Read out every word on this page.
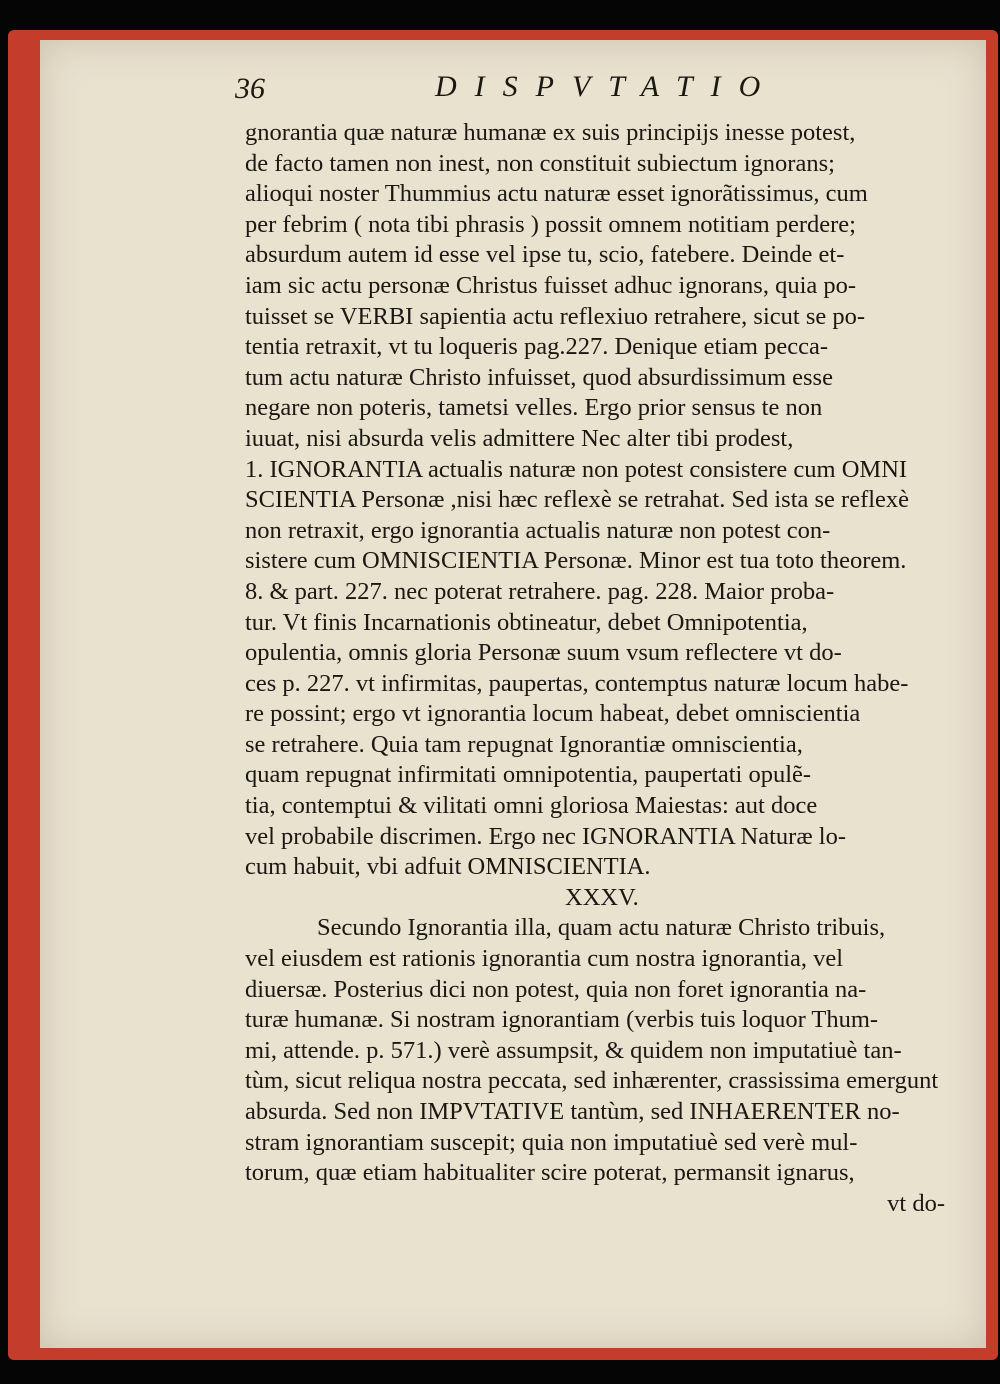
36	DISPVTATIO
gnorantia quæ naturæ humanæ ex suis principijs inesse potest,
de facto tamen non inest, non constituit subiectum ignorans;
alioqui noster Thummius actu naturæ esset ignorãtissimus, cum
per febrim ( nota tibi phrasis ) possit omnem notitiam perdere;
absurdum autem id esse vel ipse tu, scio, fatebere. Deinde et-
iam sic actu personæ Christus fuisset adhuc ignorans, quia po-
tuisset se VERBI sapientia actu reflexiuo retrahere, sicut se po-
tentia retraxit, vt tu loqueris pag.227. Denique etiam pecca-
tum actu naturæ Christo infuisset, quod absurdissimum esse
negare non poteris, tametsi velles. Ergo prior sensus te non
iuuat, nisi absurda velis admittere Nec alter tibi prodest,
1. IGNORANTIA actualis naturæ non potest consistere cum OMNI
SCIENTIA Personæ ,nisi hæc reflexè se retrahat. Sed ista se reflexè
non retraxit, ergo ignorantia actualis naturæ non potest con-
sistere cum OMNISCIENTIA Personæ. Minor est tua toto theorem.
8. & part. 227. nec poterat retrahere. pag. 228. Maior proba-
tur. Vt finis Incarnationis obtineatur, debet Omnipotentia,
opulentia, omnis gloria Personæ suum vsum reflectere vt do-
ces p. 227. vt infirmitas, paupertas, contemptus naturæ locum habe-
re possint; ergo vt ignorantia locum habeat, debet omniscientia
se retrahere. Quia tam repugnat Ignorantiæ omniscientia,
quam repugnat infirmitati omnipotentia, paupertati opulẽ-
tia, contemptui & vilitati omni gloriosa Maiestas: aut doce
vel probabile discrimen. Ergo nec IGNORANTIA Naturæ lo-
cum habuit, vbi adfuit OMNISCIENTIA.
XXXV.
Secundo Ignorantia illa, quam actu naturæ Christo tribuis,
vel eiusdem est rationis ignorantia cum nostra ignorantia, vel
diuersæ. Posterius dici non potest, quia non foret ignorantia na-
turæ humanæ. Si nostram ignorantiam (verbis tuis loquor Thum-
mi, attende. p. 571.) verè assumpsit, & quidem non imputatiuè tan-
tùm, sicut reliqua nostra peccata, sed inhærenter, crassissima emergunt
absurda. Sed non IMPVTATIVE tantùm, sed INHAERENTER no-
stram ignorantiam suscepit; quia non imputatiuè sed verè mul-
torum, quæ etiam habitualiter scire poterat, permansit ignarus,
vt do-
